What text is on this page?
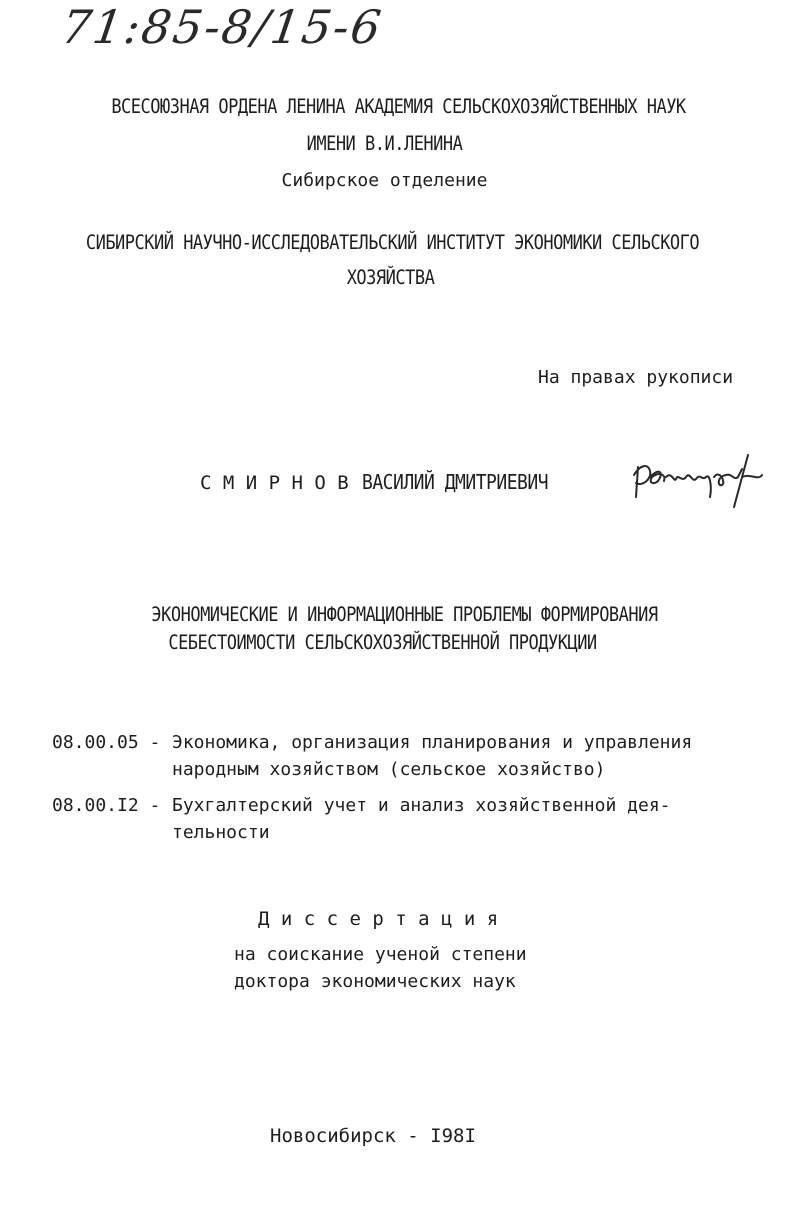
71:85-8/15-6
ВСЕСОЮЗНАЯ ОРДЕНА ЛЕНИНА АКАДЕМИЯ СЕЛЬСКОХОЗЯЙСТВЕННЫХ НАУК
ИМЕНИ В.И.ЛЕНИНА
Сибирское отделение
СИБИРСКИЙ НАУЧНО-ИССЛЕДОВАТЕЛЬСКИЙ ИНСТИТУТ ЭКОНОМИКИ СЕЛЬСКОГО
ХОЗЯЙСТВА
На правах рукописи
С М И Р Н О В ВАСИЛИЙ ДМИТРИЕВИЧ
ЭКОНОМИЧЕСКИЕ И ИНФОРМАЦИОННЫЕ ПРОБЛЕМЫ ФОРМИРОВАНИЯ
СЕБЕСТОИМОСТИ СЕЛЬСКОХОЗЯЙСТВЕННОЙ ПРОДУКЦИИ
08.00.05 - Экономика, организация планирования и управления
народным хозяйством (сельское хозяйство)
08.00.I2 - Бухгалтерский учет и анализ хозяйственной дея-
тельности
Д и с с е р т а ц и я
на соискание ученой степени
доктора экономических наук
Новосибирск - I98I
